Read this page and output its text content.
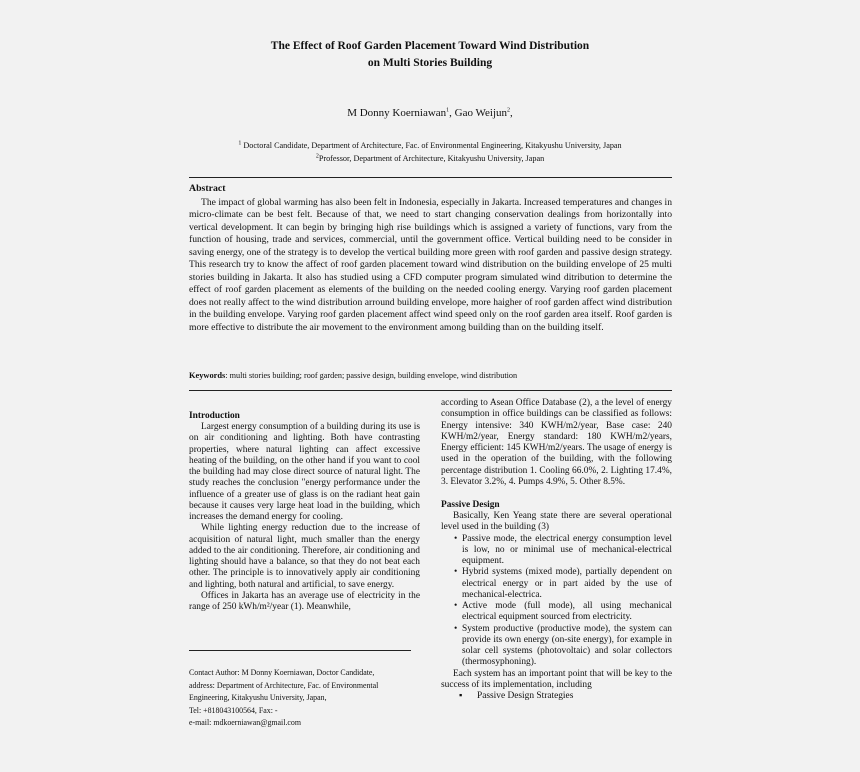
The Effect of Roof Garden Placement Toward Wind Distribution
on Multi Stories Building
M Donny Koerniawan$^1$, Gao Weijun$^2$,
$^1$ Doctoral Candidate, Department of Architecture, Fac. of Environmental Engineering, Kitakyushu University, Japan
$^2$Professor, Department of Architecture, Kitakyushu University, Japan
Abstract

The impact of global warming has also been felt in Indonesia, especially in Jakarta. Increased temperatures and changes in micro-climate can be best felt. Because of that, we need to start changing conservation dealings from horizontally into vertical development. It can begin by bringing high rise buildings which is assigned a variety of functions, vary from the function of housing, trade and services, commercial, until the government office. Vertical building need to be consider in saving energy, one of the strategy is to develop the vertical building more green with roof garden and passive design strategy. This research try to know the affect of roof garden placement toward wind distribution on the building envelope of 25 multi stories building in Jakarta. It also has studied using a CFD computer program simulated wind ditribution to determine the effect of roof garden placement as elements of the building on the needed cooling energy. Varying roof garden placement does not really affect to the wind distribution arround building envelope, more haigher of roof garden affect wind distribution in the building envelope. Varying roof garden placement affect wind speed only on the roof garden area itself. Roof garden is more effective to distribute the air movement to the environment among building than on the building itself.

Keywords: multi stories building; roof garden; passive design, building envelope, wind distribution
Introduction

Largest energy consumption of a building during its use is on air conditioning and lighting. Both have contrasting properties, where natural lighting can affect excessive heating of the building, on the other hand if you want to cool the building had may close direct source of natural light. The study reaches the conclusion "energy performance under the influence of a greater use of glass is on the radiant heat gain because it causes very large heat load in the building, which increases the demand energy for cooling.

While lighting energy reduction due to the increase of acquisition of natural light, much smaller than the energy added to the air conditioning. Therefore, air conditioning and lighting should have a balance, so that they do not beat each other. The principle is to innovatively apply air conditioning and lighting, both natural and artificial, to save energy.

Offices in Jakarta has an average use of electricity in the range of 250 kWh/m²/year (1). Meanwhile,

according to Asean Office Database (2), a the level of energy consumption in office buildings can be classified as follows: Energy intensive: 340 KWH/m2/year, Base case: 240 KWH/m2/year, Energy standard: 180 KWH/m2/years, Energy efficient: 145 KWH/m2/years. The usage of energy is used in the operation of the building, with the following percentage distribution 1. Cooling 66.0%, 2. Lighting 17.4%, 3. Elevator 3.2%, 4. Pumps 4.9%, 5. Other 8.5%.

Passive Design

Basically, Ken Yeang state there are several operational level used in the building (3)

• Passive mode, the electrical energy consumption level is low, no or minimal use of mechanical-electrical equipment.
• Hybrid systems (mixed mode), partially dependent on electrical energy or in part aided by the use of mechanical-electrica.
• Active mode (full mode), all using mechanical electrical equipment sourced from electricity.
• System productive (productive mode), the system can provide its own energy (on-site energy), for example in solar cell systems (photovoltaic) and solar collectors (thermosyphoning).

Each system has an important point that will be key to the success of its implementation, including

▪ Passive Design Strategies
Contact Author: M Donny Koerniawan, Doctor Candidate,
address: Department of Architecture, Fac. of Environmental
Engineering, Kitakyushu University, Japan,
Tel: +818043100564, Fax: -
e-mail: mdkoerniawan@gmail.com
